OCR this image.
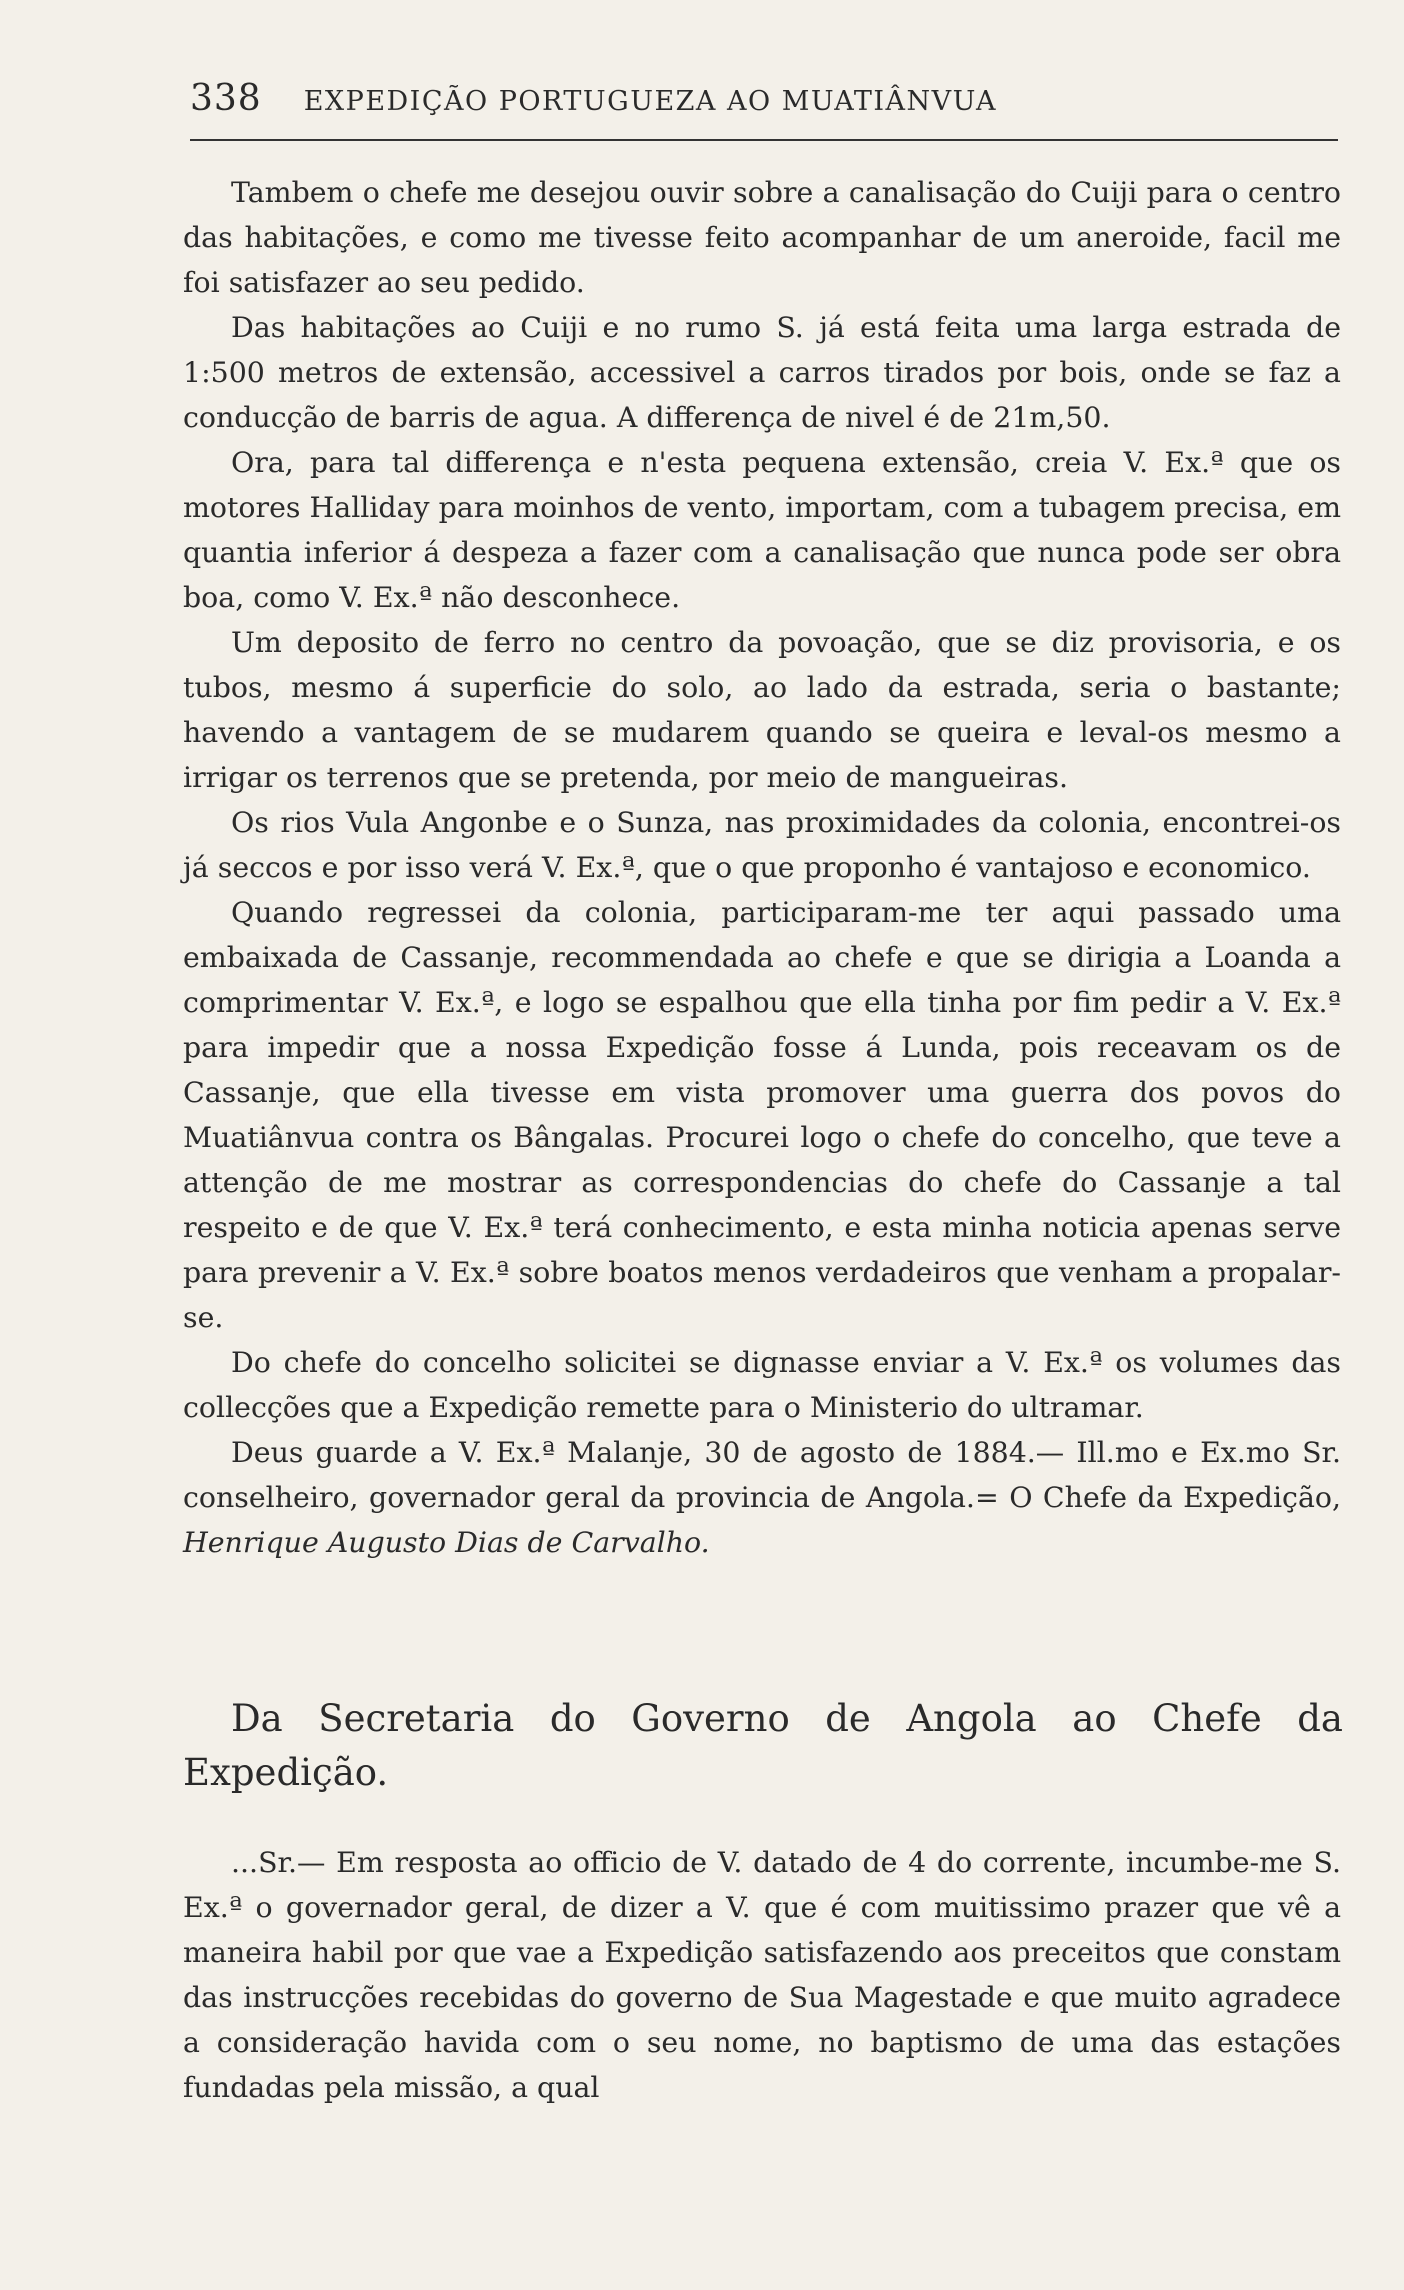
338 EXPEDIÇÃO PORTUGUEZA AO MUATIÂNVUA

Tambem o chefe me desejou ouvir sobre a canalisação do Cuiji para o centro das habitações, e como me tivesse feito acompanhar de um aneroide, facil me foi satisfazer ao seu pedido.

Das habitações ao Cuiji e no rumo S. já está feita uma larga estrada de 1:500 metros de extensão, accessivel a carros tirados por bois, onde se faz a conducção de barris de agua. A differença de nivel é de 21m,50.

Ora, para tal differença e n'esta pequena extensão, creia V. Ex.ª que os motores Halliday para moinhos de vento, importam, com a tubagem precisa, em quantia inferior á despeza a fazer com a canalisação que nunca pode ser obra boa, como V. Ex.ª não desconhece.

Um deposito de ferro no centro da povoação, que se diz provisoria, e os tubos, mesmo á superficie do solo, ao lado da estrada, seria o bastante; havendo a vantagem de se mudarem quando se queira e leval-os mesmo a irrigar os terrenos que se pretenda, por meio de mangueiras.

Os rios Vula Angonbe e o Sunza, nas proximidades da colonia, encontrei-os já seccos e por isso verá V. Ex.ª, que o que proponho é vantajoso e economico.

Quando regressei da colonia, participaram-me ter aqui passado uma embaixada de Cassanje, recommendada ao chefe e que se dirigia a Loanda a comprimentar V. Ex.ª, e logo se espalhou que ella tinha por fim pedir a V. Ex.ª para impedir que a nossa Expedição fosse á Lunda, pois receavam os de Cassanje, que ella tivesse em vista promover uma guerra dos povos do Muatiânvua contra os Bângalas. Procurei logo o chefe do concelho, que teve a attenção de me mostrar as correspondencias do chefe do Cassanje a tal respeito e de que V. Ex.ª terá conhecimento, e esta minha noticia apenas serve para prevenir a V. Ex.ª sobre boatos menos verdadeiros que venham a propalar-se.

Do chefe do concelho solicitei se dignasse enviar a V. Ex.ª os volumes das collecções que a Expedição remette para o Ministerio do ultramar.

Deus guarde a V. Ex.ª Malanje, 30 de agosto de 1884.— Ill.mo e Ex.mo Sr. conselheiro, governador geral da provincia de Angola.= O Chefe da Expedição, Henrique Augusto Dias de Carvalho.

Da Secretaria do Governo de Angola ao Chefe da Expedição.

...Sr.— Em resposta ao officio de V. datado de 4 do corrente, incumbe-me S. Ex.ª o governador geral, de dizer a V. que é com muitissimo prazer que vê a maneira habil por que vae a Expedição satisfazendo aos preceitos que constam das instrucções recebidas do governo de Sua Magestade e que muito agradece a consideração havida com o seu nome, no baptismo de uma das estações fundadas pela missão, a qual
